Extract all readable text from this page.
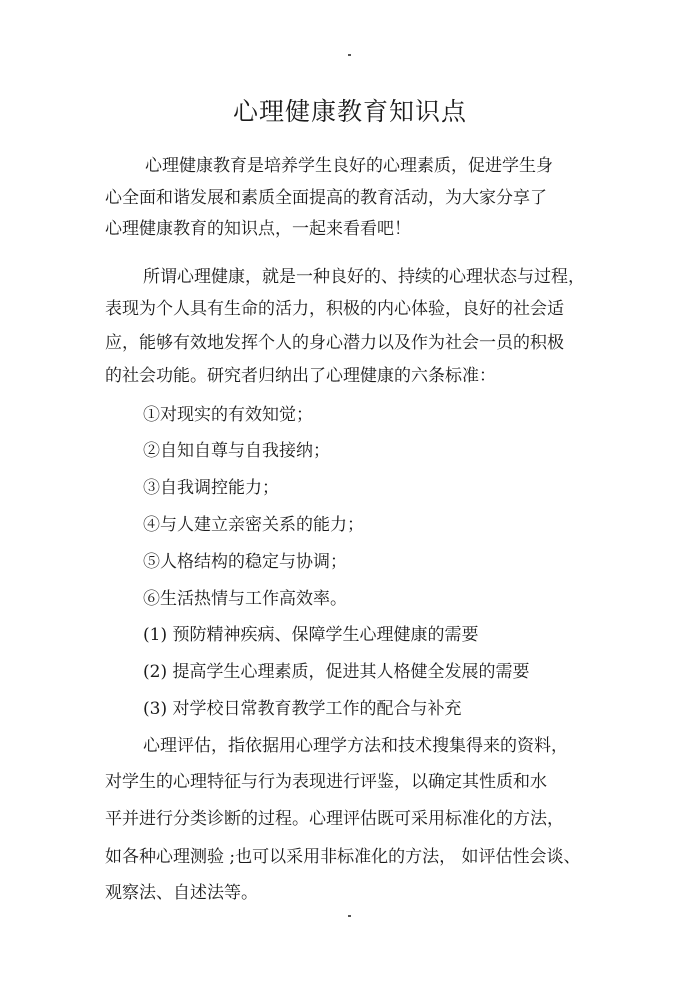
心理健康教育知识点
心理健康教育是培养学生良好的心理素质，促进学生身
心全面和谐发展和素质全面提高的教育活动，为大家分享了
心理健康教育的知识点，一起来看看吧！
所谓心理健康，就是一种良好的、持续的心理状态与过程，
表现为个人具有生命的活力，积极的内心体验，良好的社会适
应，能够有效地发挥个人的身心潜力以及作为社会一员的积极
的社会功能。研究者归纳出了心理健康的六条标准：
①对现实的有效知觉；
②自知自尊与自我接纳；
③自我调控能力；
④与人建立亲密关系的能力；
⑤人格结构的稳定与协调；
⑥生活热情与工作高效率。
(1) 预防精神疾病、保障学生心理健康的需要
(2) 提高学生心理素质，促进其人格健全发展的需要
(3) 对学校日常教育教学工作的配合与补充
心理评估，指依据用心理学方法和技术搜集得来的资料，
对学生的心理特征与行为表现进行评鉴，以确定其性质和水
平并进行分类诊断的过程。心理评估既可采用标准化的方法，
如各种心理测验 ;也可以采用非标准化的方法， 如评估性会谈、
观察法、自述法等。
